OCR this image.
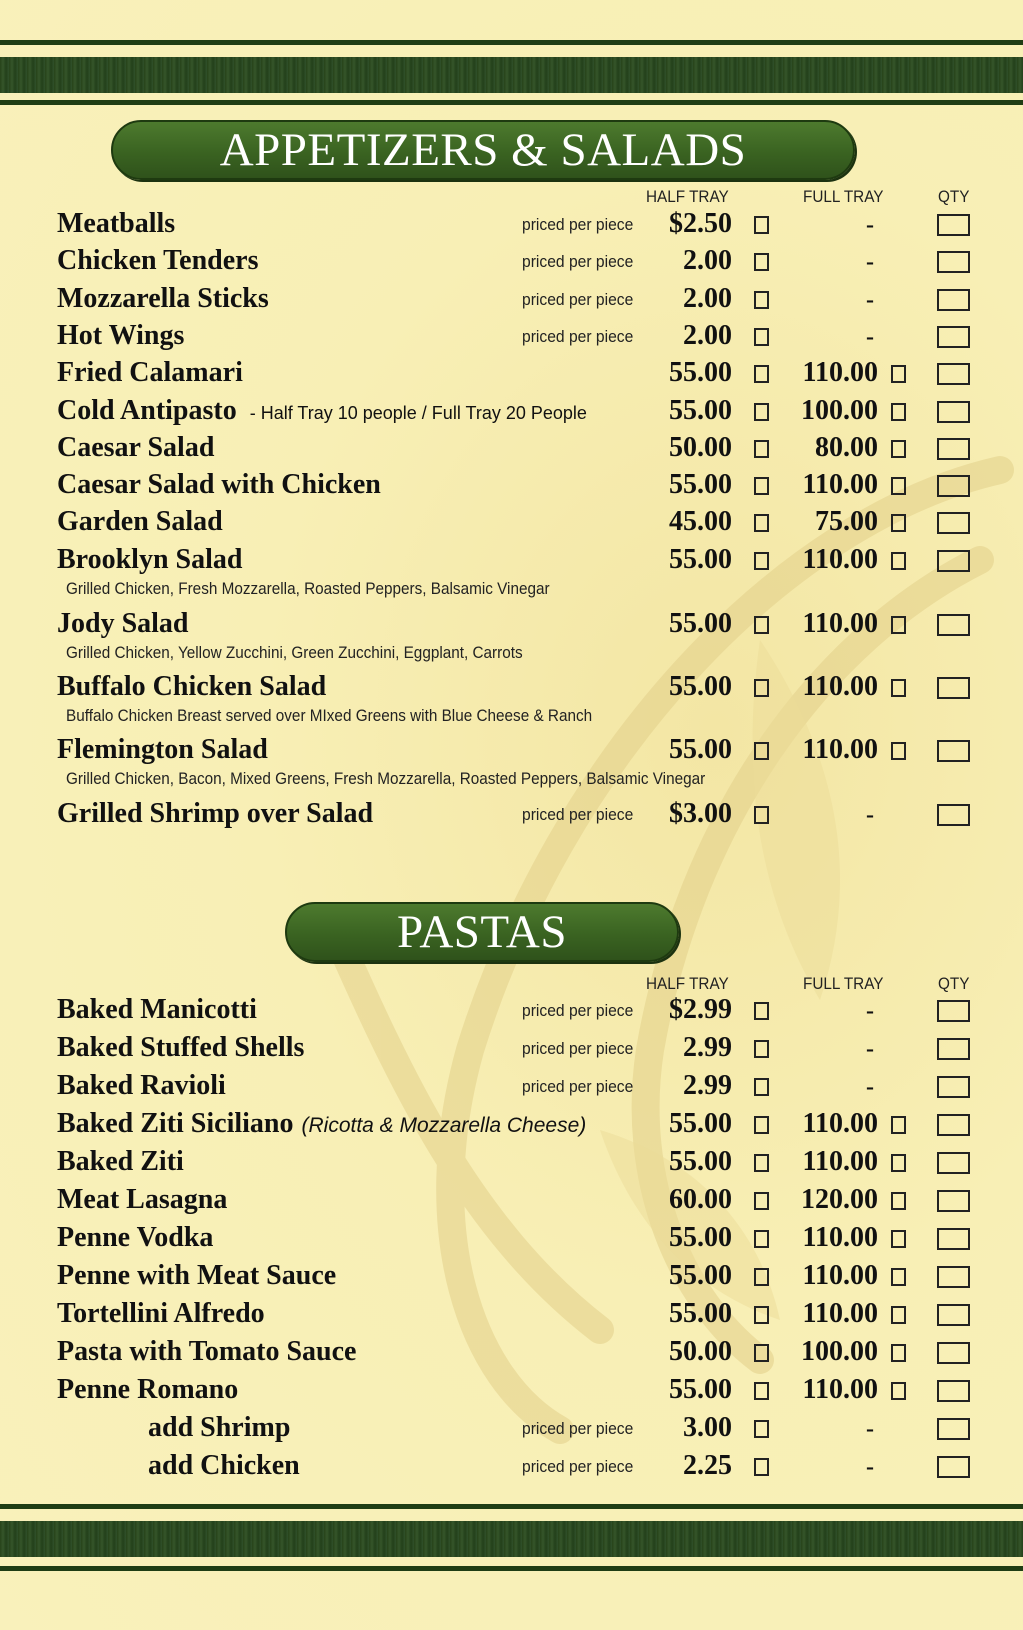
APPETIZERS & SALADS
HALF TRAY	FULL TRAY	QTY
Meatballs	priced per piece $2.50	-
Chicken Tenders	priced per piece 2.00	-
Mozzarella Sticks	priced per piece 2.00	-
Hot Wings	priced per piece 2.00	-
Fried Calamari	55.00	110.00
Cold Antipasto - Half Tray 10 people / Full Tray 20 People	55.00 100.00
Caesar Salad	50.00	80.00
Caesar Salad with Chicken	55.00	110.00
Garden Salad	45.00	75.00
Brooklyn Salad	55.00	110.00
Grilled Chicken, Fresh Mozzarella, Roasted Peppers, Balsamic Vinegar
Jody Salad	55.00	110.00
Grilled Chicken, Yellow Zucchini, Green Zucchini, Eggplant, Carrots
Buffalo Chicken Salad	55.00	110.00
Buffalo Chicken Breast served over MIxed Greens with Blue Cheese & Ranch
Flemington Salad	55.00	110.00
Grilled Chicken, Bacon, Mixed Greens, Fresh Mozzarella, Roasted Peppers, Balsamic Vinegar
Grilled Shrimp over Salad	priced per piece $3.00	-
PASTAS
HALF TRAY	FULL TRAY	QTY
Baked Manicotti	priced per piece $2.99	-
Baked Stuffed Shells	priced per piece 2.99	-
Baked Ravioli	priced per piece 2.99	-
Baked Ziti Siciliano (Ricotta & Mozzarella Cheese)	55.00	110.00
Baked Ziti	55.00	110.00
Meat Lasagna	60.00 120.00
Penne Vodka	55.00	110.00
Penne with Meat Sauce	55.00	110.00
Tortellini Alfredo	55.00	110.00
Pasta with Tomato Sauce	50.00 100.00
Penne Romano	55.00	110.00
add Shrimp	priced per piece 3.00	-
add Chicken	priced per piece 2.25	-
